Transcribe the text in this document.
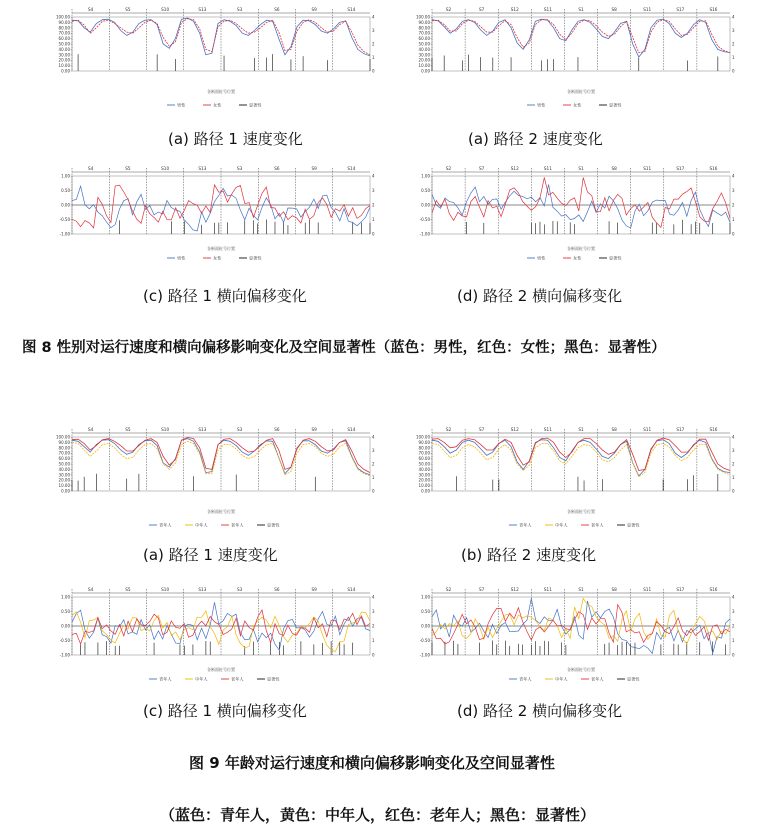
S4	S5	S10	S13	S3	S6	S9	S14
100.00
90.00
80.00
70.00
60.00
50.00
40.00
30.00
20.00
10.00
0.00
4
3
2
1
0
各断面桩号位置
男性	女性	显著性
S2	S7	S12	S11	S1	S8	S11	S17	S16
100.00
90.00
80.00
70.00
60.00
50.00
40.00
30.00
20.00
10.00
0.00
4
3
2
1
0
各断面桩号位置
男性	女性	显著性
(a) 路径 1 速度变化	(a) 路径 2 速度变化
S4	S5	S10	S13	S3	S6	S9	S14
1.00
0.50
0.00
-0.50
-1.00
4
3
2
1
0
各断面桩号位置
男性	女性	显著性
S2	S7	S12	S11	S1	S8	S11	S17	S16
1.00
0.50
0.00
-0.50
-1.00
4
3
2
1
0
各断面桩号位置
男性	女性	显著性
(c) 路径 1 横向偏移变化	(d) 路径 2 横向偏移变化
图 8 性别对运行速度和横向偏移影响变化及空间显著性（蓝色：男性，红色：女性；黑色：显著性）
S4	S5	S10	S13	S3	S6	S9	S14
100.00
90.00
80.00
70.00
60.00
50.00
40.00
30.00
20.00
10.00
0.00
4
3
2
1
0
各断面桩号位置
青年人	中年人	老年人	显著性
S2	S7	S12	S11	S1	S8	S11	S17	S16
100.00
90.00
80.00
70.00
60.00
50.00
40.00
30.00
20.00
10.00
0.00
4
3
2
1
0
各断面桩号位置
青年人	中年人	老年人	显著性
(a) 路径 1 速度变化	(b) 路径 2 速度变化
S4	S5	S10	S13	S3	S6	S9	S14
1.00
0.50
0.00
-0.50
-1.00
4
3
2
1
0
各断面桩号位置
青年人	中年人	老年人	显著性
S2	S7	S12	S11	S1	S8	S11	S17	S16
1.00
0.50
0.00
-0.50
-1.00
4
3
2
1
0
各断面桩号位置
青年人	中年人	老年人	显著性
(c) 路径 1 横向偏移变化	(d) 路径 2 横向偏移变化
图 9 年龄对运行速度和横向偏移影响变化及空间显著性
（蓝色：青年人，黄色：中年人，红色：老年人；黑色：显著性）
